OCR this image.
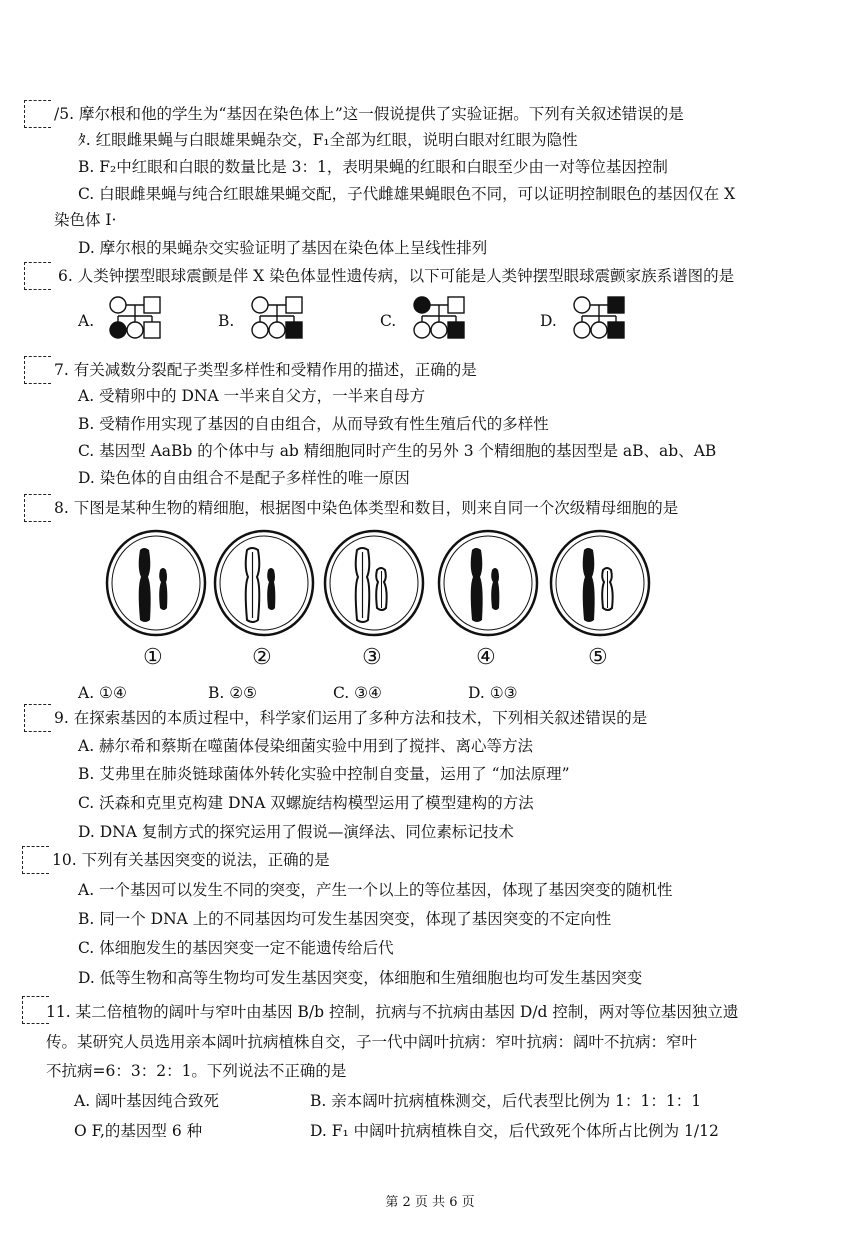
/5. 摩尔根和他的学生为“基因在染色体上”这一假说提供了实验证据。下列有关叙述错误的是
ﾀ. 红眼雌果蝇与白眼雄果蝇杂交，F₁全部为红眼，说明白眼对红眼为隐性
B. F₂中红眼和白眼的数量比是 3：1，表明果蝇的红眼和白眼至少由一对等位基因控制
C. 白眼雌果蝇与纯合红眼雄果蝇交配，子代雌雄果蝇眼色不同，可以证明控制眼色的基因仅在 X
染色体 I·
D. 摩尔根的果蝇杂交实验证明了基因在染色体上呈线性排列
6. 人类钟摆型眼球震颤是伴 X 染色体显性遗传病，以下可能是人类钟摆型眼球震颤家族系谱图的是
A.	B.	C.	D.
7. 有关减数分裂配子类型多样性和受精作用的描述，正确的是
A. 受精卵中的 DNA 一半来自父方，一半来自母方
B. 受精作用实现了基因的自由组合，从而导致有性生殖后代的多样性
C. 基因型 AaBb 的个体中与 ab 精细胞同时产生的另外 3 个精细胞的基因型是 aB、ab、AB
D. 染色体的自由组合不是配子多样性的唯一原因
8. 下图是某种生物的精细胞，根据图中染色体类型和数目，则来自同一个次级精母细胞的是
①	②	③	④	⑤
A. ①④	B. ②⑤	C. ③④	D. ①③
9. 在探索基因的本质过程中，科学家们运用了多种方法和技术，下列相关叙述错误的是
A. 赫尔希和蔡斯在噬菌体侵染细菌实验中用到了搅拌、离心等方法
B. 艾弗里在肺炎链球菌体外转化实验中控制自变量，运用了 “加法原理”
C. 沃森和克里克构建 DNA 双螺旋结构模型运用了模型建构的方法
D. DNA 复制方式的探究运用了假说—演绎法、同位素标记技术
10. 下列有关基因突变的说法，正确的是
A. 一个基因可以发生不同的突变，产生一个以上的等位基因，体现了基因突变的随机性
B. 同一个 DNA 上的不同基因均可发生基因突变，体现了基因突变的不定向性
C. 体细胞发生的基因突变一定不能遗传给后代
D. 低等生物和高等生物均可发生基因突变，体细胞和生殖细胞也均可发生基因突变
11. 某二倍植物的阔叶与窄叶由基因 B/b 控制，抗病与不抗病由基因 D/d 控制，两对等位基因独立遗
传。某研究人员选用亲本阔叶抗病植株自交，子一代中阔叶抗病：窄叶抗病：阔叶不抗病：窄叶
不抗病=6：3：2：1。下列说法不正确的是
A. 阔叶基因纯合致死	B. 亲本阔叶抗病植株测交，后代表型比例为 1：1：1：1
O F,的基因型 6 种	D. F₁ 中阔叶抗病植株自交，后代致死个体所占比例为 1/12
第 2 页 共 6 页
